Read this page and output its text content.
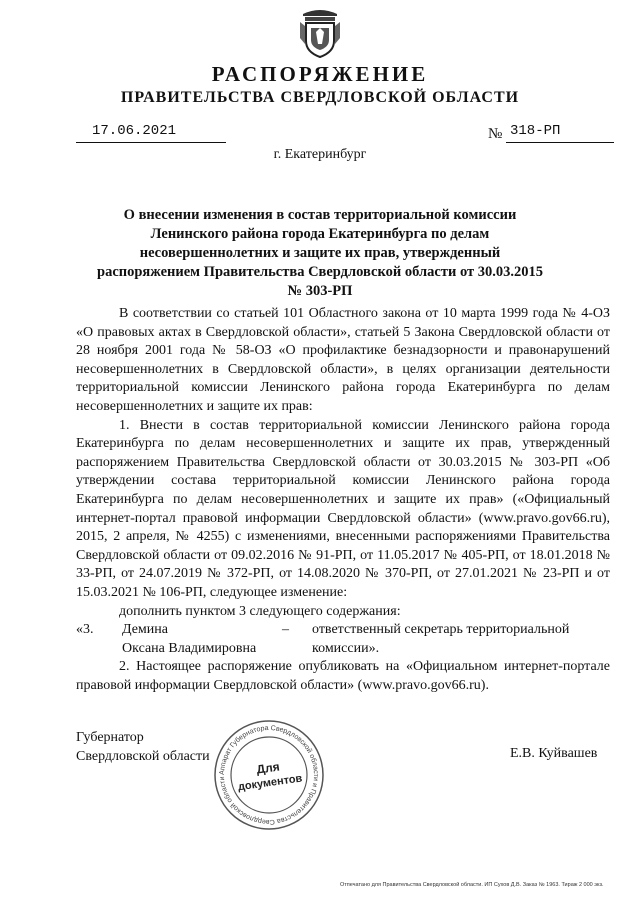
РАСПОРЯЖЕНИЕ
ПРАВИТЕЛЬСТВА СВЕРДЛОВСКОЙ ОБЛАСТИ
17.06.2021	№ 318-РП
г. Екатеринбург
О внесении изменения в состав территориальной комиссии Ленинского района города Екатеринбурга по делам несовершеннолетних и защите их прав, утвержденный распоряжением Правительства Свердловской области от 30.03.2015 № 303-РП

В соответствии со статьей 101 Областного закона от 10 марта 1999 года № 4-ОЗ «О правовых актах в Свердловской области», статьей 5 Закона Свердловской области от 28 ноября 2001 года № 58-ОЗ «О профилактике безнадзорности и правонарушений несовершеннолетних в Свердловской области», в целях организации деятельности территориальной комиссии Ленинского района города Екатеринбурга по делам несовершеннолетних и защите их прав:

1. Внести в состав территориальной комиссии Ленинского района города Екатеринбурга по делам несовершеннолетних и защите их прав, утвержденный распоряжением Правительства Свердловской области от 30.03.2015 № 303-РП «Об утверждении состава территориальной комиссии Ленинского района города Екатеринбурга по делам несовершеннолетних и защите их прав» («Официальный интернет-портал правовой информации Свердловской области» (www.pravo.gov66.ru), 2015, 2 апреля, № 4255) с изменениями, внесенными распоряжениями Правительства Свердловской области от 09.02.2016 № 91-РП, от 11.05.2017 № 405-РП, от 18.01.2018 № 33-РП, от 24.07.2019 № 372-РП, от 14.08.2020 № 370-РП, от 27.01.2021 № 23-РП и от 15.03.2021 № 106-РП, следующее изменение:

дополнить пунктом 3 следующего содержания:

«3.	Демина	–	ответственный секретарь территориальной
Оксана Владимировна	комиссии».

2. Настоящее распоряжение опубликовать на «Официальном интернет-портале правовой информации Свердловской области» (www.pravo.gov66.ru).

Губернатор
Свердловской области	Е.В. Куйвашев
Аппарат Губернатора Свердловской области и Правительства Свердловской области
Для
документов
Отпечатано для Правительства Свердловской области. ИП Сухов Д.В. Заказ № 1963. Тираж 2 000 экз.
